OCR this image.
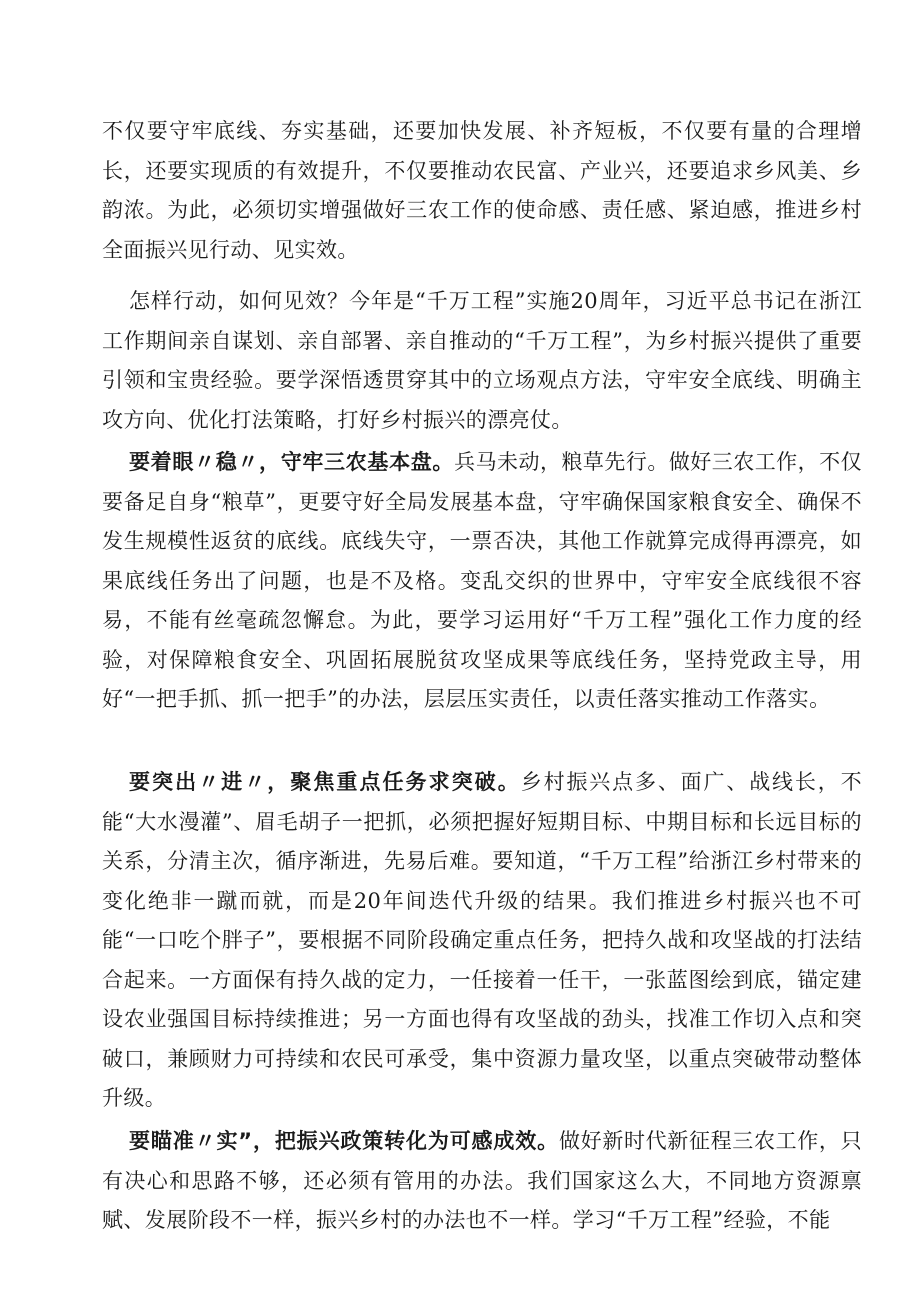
不仅要守牢底线、夯实基础，还要加快发展、补齐短板，不仅要有量的合理增长，还要实现质的有效提升，不仅要推动农民富、产业兴，还要追求乡风美、乡韵浓。为此，必须切实增强做好三农工作的使命感、责任感、紧迫感，推进乡村全面振兴见行动、见实效。

怎样行动，如何见效？今年是“千万工程”实施20周年，习近平总书记在浙江工作期间亲自谋划、亲自部署、亲自推动的“千万工程”，为乡村振兴提供了重要引领和宝贵经验。要学深悟透贯穿其中的立场观点方法，守牢安全底线、明确主攻方向、优化打法策略，打好乡村振兴的漂亮仗。

要着眼〃稳〃，守牢三农基本盘。兵马未动，粮草先行。做好三农工作，不仅要备足自身“粮草”，更要守好全局发展基本盘，守牢确保国家粮食安全、确保不发生规模性返贫的底线。底线失守，一票否决，其他工作就算完成得再漂亮，如果底线任务出了问题，也是不及格。变乱交织的世界中，守牢安全底线很不容易，不能有丝毫疏忽懈怠。为此，要学习运用好“千万工程”强化工作力度的经验，对保障粮食安全、巩固拓展脱贫攻坚成果等底线任务，坚持党政主导，用好“一把手抓、抓一把手”的办法，层层压实责任，以责任落实推动工作落实。

要突出〃进〃，聚焦重点任务求突破。乡村振兴点多、面广、战线长，不能“大水漫灌”、眉毛胡子一把抓，必须把握好短期目标、中期目标和长远目标的关系，分清主次，循序渐进，先易后难。要知道，“千万工程”给浙江乡村带来的变化绝非一蹴而就，而是20年间迭代升级的结果。我们推进乡村振兴也不可能“一口吃个胖子”，要根据不同阶段确定重点任务，把持久战和攻坚战的打法结合起来。一方面保有持久战的定力，一任接着一任干，一张蓝图绘到底，锚定建设农业强国目标持续推进；另一方面也得有攻坚战的劲头，找准工作切入点和突破口，兼顾财力可持续和农民可承受，集中资源力量攻坚，以重点突破带动整体升级。

要瞄准〃实”，把振兴政策转化为可感成效。做好新时代新征程三农工作，只有决心和思路不够，还必须有管用的办法。我们国家这么大，不同地方资源禀赋、发展阶段不一样，振兴乡村的办法也不一样。学习“千万工程”经验，不能
